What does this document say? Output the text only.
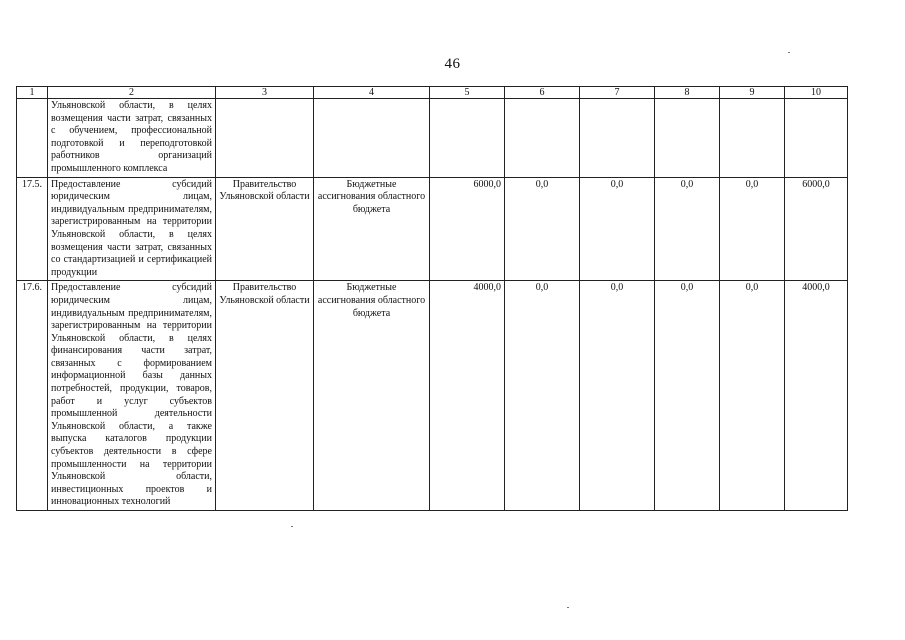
46
1	2	3	4	5	6	7	8	9	10
	Ульяновской области, в целях возмещения части затрат, связанных с обучением, профессиональной подготовкой и переподготовкой работников организаций промышленного комплекса								
17.5.	Предоставление субсидий юридическим лицам, индивидуальным предпринимателям, зарегистрированным на территории Ульяновской области, в целях возмещения части затрат, связанных со стандартизацией и сертификацией продукции	Правительство Ульяновской области	Бюджетные ассигнования областного бюджета	6000,0	0,0	0,0	0,0	0,0	6000,0
17.6.	Предоставление субсидий юридическим лицам, индивидуальным предпринимателям, зарегистрированным на территории Ульяновской области, в целях финансирования части затрат, связанных с формированием информационной базы данных потребностей, продукции, товаров, работ и услуг субъектов промышленной деятельности Ульяновской области, а также выпуска каталогов продукции субъектов деятельности в сфере промышленности на территории Ульяновской области, инвестиционных проектов и инновационных технологий	Правительство Ульяновской области	Бюджетные ассигнования областного бюджета	4000,0	0,0	0,0	0,0	0,0	4000,0
